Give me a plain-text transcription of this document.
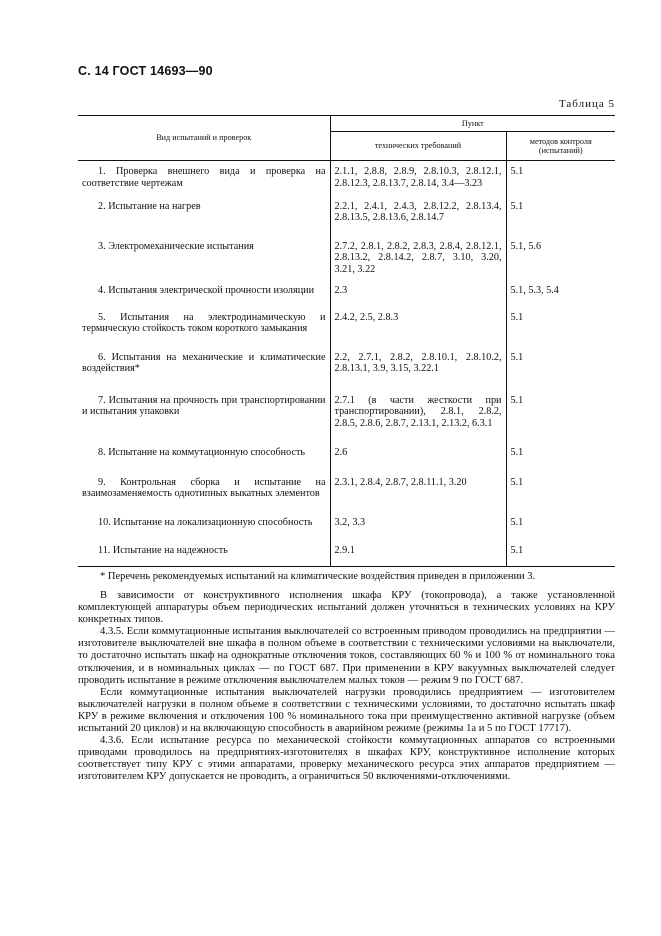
С. 14 ГОСТ 14693—90
Таблица 5
Вид испытаний и проверок	Пункт	
	технических требований	методов контроля (испытаний)

1. Проверка внешнего вида и проверка на соответствие чертежам	2.1.1, 2.8.8, 2.8.9, 2.8.10.3, 2.8.12.1, 2.8.12.3, 2.8.13.7, 2.8.14, 3.4—3.23	5.1

2. Испытание на нагрев	2.2.1, 2.4.1, 2.4.3, 2.8.12.2, 2.8.13.4, 2.8.13.5, 2.8.13.6, 2.8.14.7	5.1

3. Электромеханические испытания	2.7.2, 2.8.1, 2.8.2, 2.8.3, 2.8.4, 2.8.12.1, 2.8.13.2, 2.8.14.2, 2.8.7, 3.10, 3.20, 3.21, 3.22	5.1, 5.6

4. Испытания электрической прочности изоляции	2.3	5.1, 5.3, 5.4

5. Испытания на электродинамическую и термическую стойкость током короткого замыкания	2.4.2, 2.5, 2.8.3	5.1

6. Испытания на механические и климатические воздействия*	2.2, 2.7.1, 2.8.2, 2.8.10.1, 2.8.10.2, 2.8.13.1, 3.9, 3.15, 3.22.1	5.1

7. Испытания на прочность при транспортировании и испытания упаковки	2.7.1 (в части жесткости при транспортировании), 2.8.1, 2.8.2, 2.8.5, 2.8.6, 2.8.7, 2.13.1, 2.13.2, 6.3.1	5.1

8. Испытание на коммутационную способность	2.6	5.1

9. Контрольная сборка и испытание на взаимозаменяемость однотипных выкатных элементов	2.3.1, 2.8.4, 2.8.7, 2.8.11.1, 3.20	5.1

10. Испытание на локализационную способность	3.2, 3.3	5.1

11. Испытание на надежность	2.9.1	5.1
* Перечень рекомендуемых испытаний на климатические воздействия приведен в приложении 3.

В зависимости от конструктивного исполнения шкафа КРУ (токопровода), а также установленной комплектующей аппаратуры объем периодических испытаний должен уточняться в технических условиях на КРУ конкретных типов.

4.3.5. Если коммутационные испытания выключателей со встроенным приводом проводились на предприятии — изготовителе выключателей вне шкафа в полном объеме в соответствии с техническими условиями на выключатели, то достаточно испытать шкаф на однократные отключения токов, составляющих 60 % и 100 % от номинального тока отключения, и в номинальных циклах — по ГОСТ 687. При применении в КРУ вакуумных выключателей следует проводить испытание в режиме отключения выключателем малых токов — режим 9 по ГОСТ 687.

Если коммутационные испытания выключателей нагрузки проводились предприятием — изготовителем выключателей нагрузки в полном объеме в соответствии с техническими условиями, то достаточно испытать шкаф КРУ в режиме включения и отключения 100 % номинального тока при преимущественно активной нагрузке (объем испытаний 20 циклов) и на включающую способность в аварийном режиме (режимы 1а и 5 по ГОСТ 17717).

4.3.6. Если испытание ресурса по механической стойкости коммутационных аппаратов со встроенными приводами проводилось на предприятиях-изготовителях в шкафах КРУ, конструктивное исполнение которых соответствует типу КРУ с этими аппаратами, проверку механического ресурса этих аппаратов предприятием — изготовителем КРУ допускается не проводить, а ограничиться 50 включениями-отключениями.
